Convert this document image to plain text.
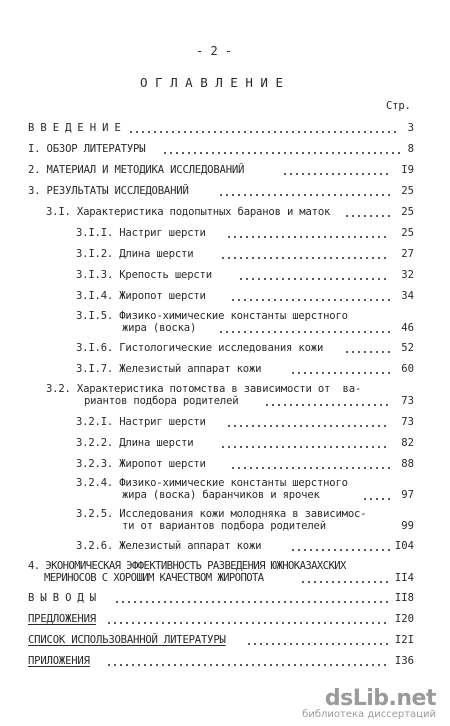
- 2 -
О Г Л А В Л Е Н И Е
Стр.
В В Е Д Е Н И Е	3
I. ОБЗОР ЛИТЕРАТУРЫ	8
2. МАТЕРИАЛ И МЕТОДИКА ИССЛЕДОВАНИЙ	I9
3. РЕЗУЛЬТАТЫ ИССЛЕДОВАНИЙ	25
3.I. Характеристика подопытных баранов и маток	25
3.I.I. Настриг шерсти	25
3.I.2. Длина шерсти	27
3.I.3. Крепость шерсти	32
3.I.4. Жиропот шерсти	34
3.I.5. Физико-химические константы шерстного
жира (воска)	46
3.I.6. Гистологические исследования кожи	52
3.I.7. Железистый аппарат кожи	60
3.2. Характеристика потомства в зависимости от  ва-
риантов подбора родителей	73
3.2.I. Настриг шерсти	73
3.2.2. Длина шерсти	82
3.2.3. Жиропот шерсти	88
3.2.4. Физико-химические константы шерстного
жира (воска) баранчиков и ярочек	97
3.2.5. Исследования кожи молодняка в зависимос-
ти от вариантов подбора родителей	99
3.2.6. Железистый аппарат кожи	I04
4. ЭКОНОМИЧЕСКАЯ ЭФФЕКТИВНОСТЬ РАЗВЕДЕНИЯ ЮЖНОКАЗАХСКИХ
МЕРИНОСОВ С ХОРОШИМ КАЧЕСТВОМ ЖИРОПОТА	II4
В Ы В О Д Ы	II8
ПРЕДЛОЖЕНИЯ	I20
СПИСОК ИСПОЛЬЗОВАННОЙ ЛИТЕРАТУРЫ	I2I
ПРИЛОЖЕНИЯ	I36
dsLib.net
библиотека диссертаций
